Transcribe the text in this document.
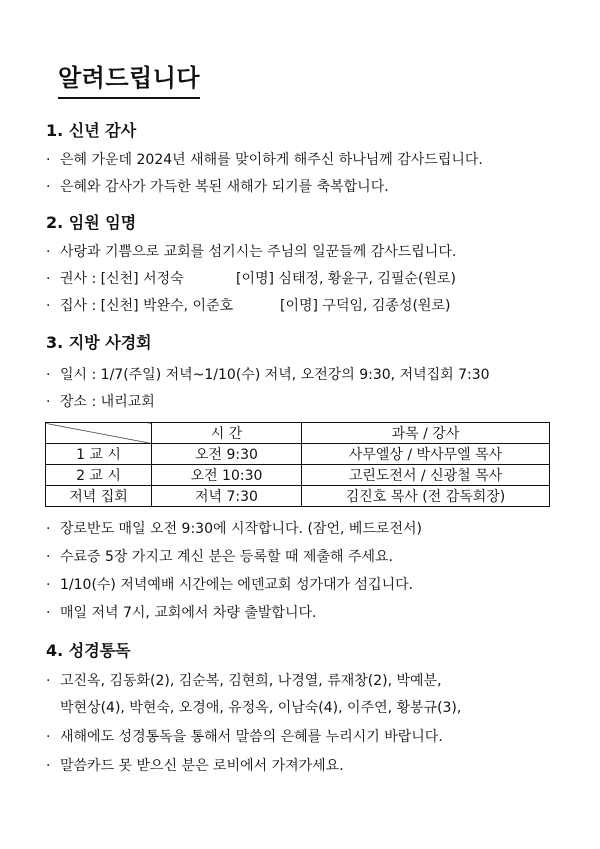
알려드립니다
1. 신년 감사
· 은혜 가운데 2024년 새해를 맞이하게 해주신 하나님께 감사드립니다.
· 은혜와 감사가 가득한 복된 새해가 되기를 축복합니다.
2. 임원 임명
· 사랑과 기쁨으로 교회를 섬기시는 주님의 일꾼들께 감사드립니다.
· 권사 : [신천] 서정숙	[이명] 심태정, 황윤구, 김필순(원로)
· 집사 : [신천] 박완수, 이준호	[이명] 구덕임, 김종성(원로)
3. 지방 사경회
· 일시 : 1/7(주일) 저녁~1/10(수) 저녁, 오전강의 9:30, 저녁집회 7:30
· 장소 : 내리교회
	시 간	과목 / 강사
1 교 시	오전 9:30	사무엘상 / 박사무엘 목사
2 교 시	오전 10:30	고린도전서 / 신광철 목사
저녁 집회	저녁 7:30	김진호 목사 (전 감독회장)
· 장로반도 매일 오전 9:30에 시작합니다. (잠언, 베드로전서)
· 수료증 5장 가지고 계신 분은 등록할 때 제출해 주세요.
· 1/10(수) 저녁예배 시간에는 에덴교회 성가대가 섬깁니다.
· 매일 저녁 7시, 교회에서 차량 출발합니다.
4. 성경통독
· 고진옥, 김동화(2), 김순복, 김현희, 나경열, 류재창(2), 박예분,
박현상(4), 박현숙, 오경애, 유정옥, 이남숙(4), 이주연, 황봉규(3),
· 새해에도 성경통독을 통해서 말씀의 은혜를 누리시기 바랍니다.
· 말씀카드 못 받으신 분은 로비에서 가져가세요.
